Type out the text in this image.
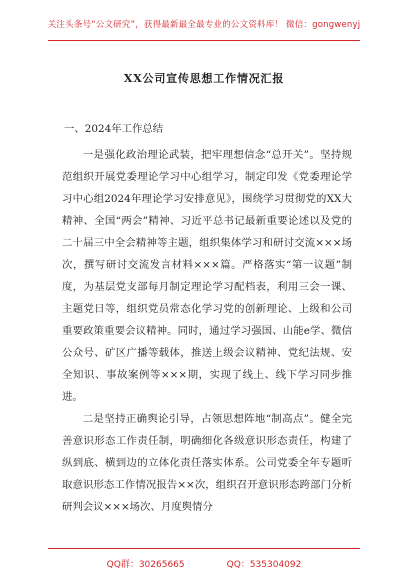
关注头条号“公文研究”，获得最新最全最专业的公文资料库！ 微信：gongwenyj
XX公司宣传思想工作情况汇报

一、2024年工作总结

一是强化政治理论武装，把牢理想信念“总开关”。坚持规范组织开展党委理论学习中心组学习，制定印发《党委理论学习中心组2024年理论学习安排意见》，围绕学习贯彻党的XX大精神、全国“两会”精神、习近平总书记最新重要论述以及党的二十届三中全会精神等主题，组织集体学习和研讨交流×××场次，撰写研讨交流发言材料×××篇。严格落实“第一议题”制度，为基层党支部每月制定理论学习配档表，利用三会一课、主题党日等，组织党员常态化学习党的创新理论、上级和公司重要政策重要会议精神。同时，通过学习强国、山能e学、微信公众号、矿区广播等载体，推送上级会议精神、党纪法规、安全知识、事故案例等×××期，实现了线上、线下学习同步推进。

二是坚持正确舆论引导，占领思想阵地“制高点”。健全完善意识形态工作责任制，明确细化各级意识形态责任，构建了纵到底、横到边的立体化责任落实体系。公司党委全年专题听取意识形态工作情况报告××次，组织召开意识形态跨部门分析研判会议×××场次、月度舆情分

QQ群：30265665	QQ：535304092
